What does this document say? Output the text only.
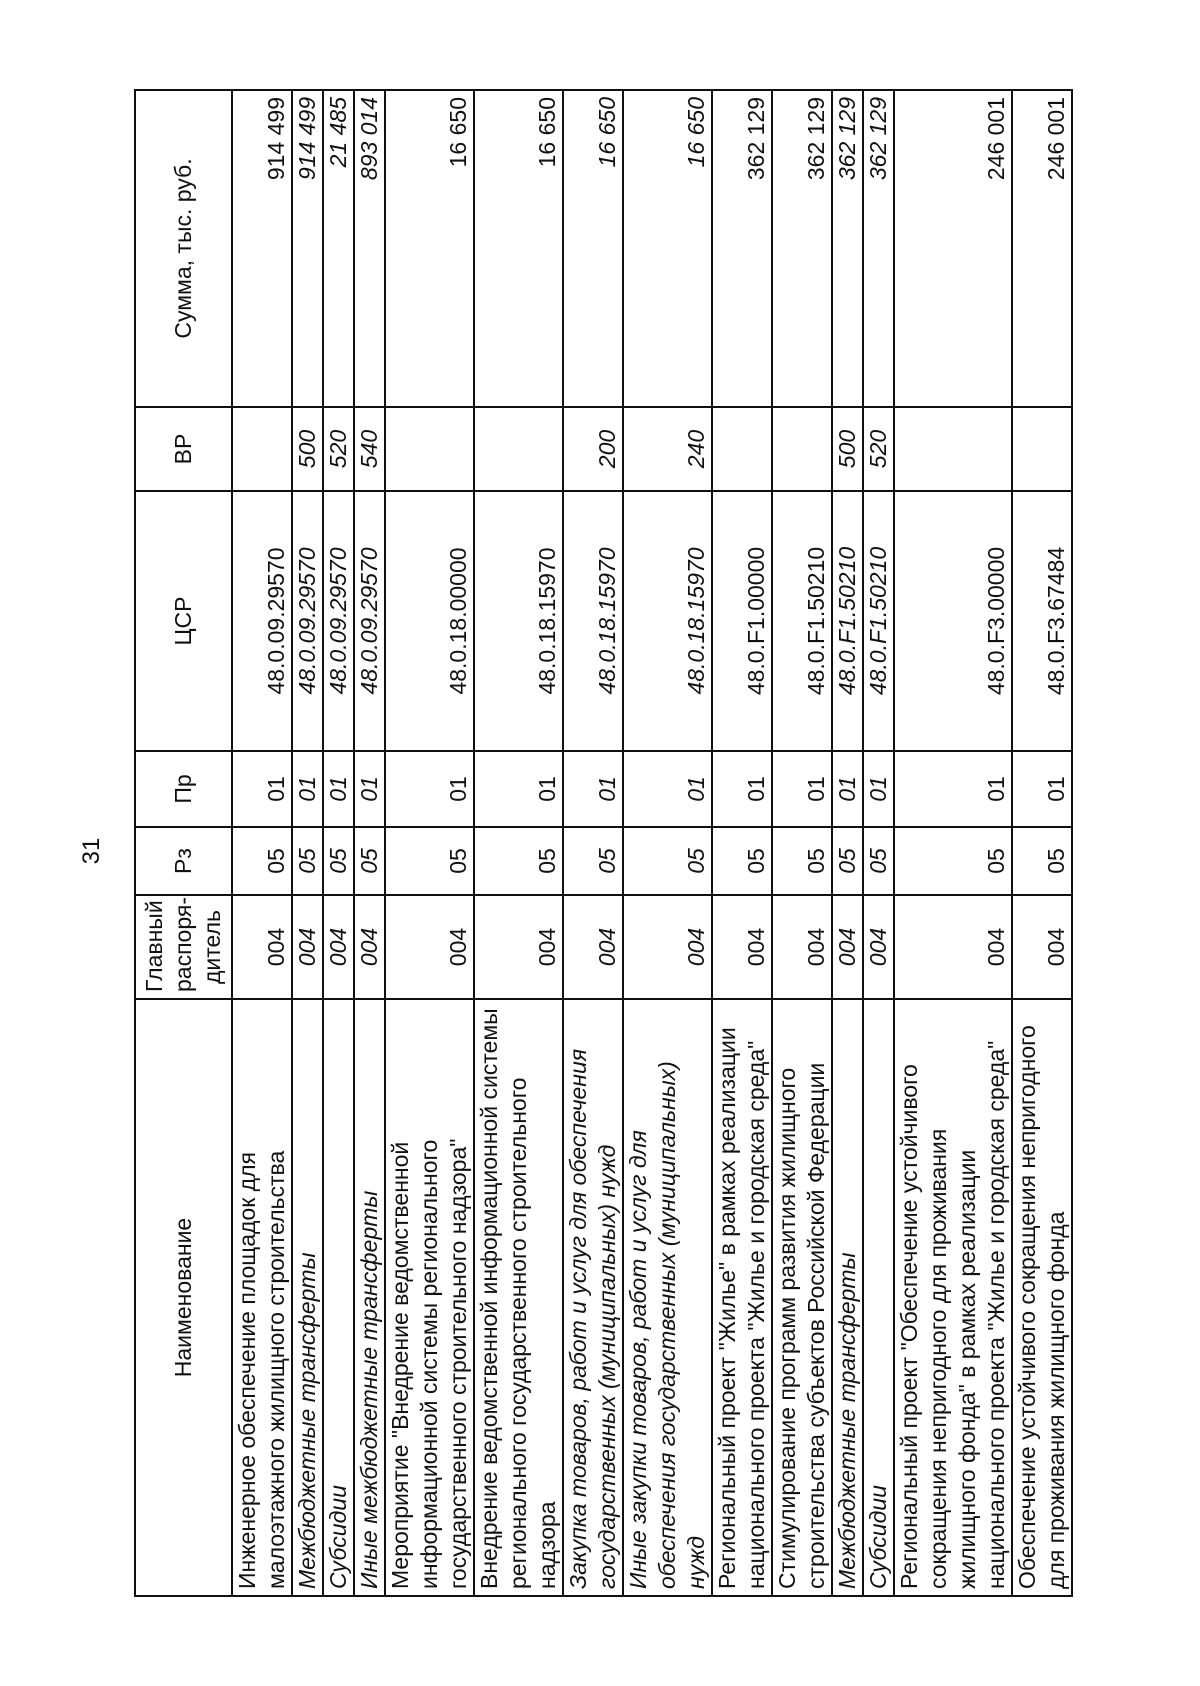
31
Наименование	Главный распоря-дитель	Рз	Пр	ЦСР	ВР	Сумма, тыс. руб.
Инженерное обеспечение площадок для малоэтажного жилищного строительства	004	05	01	48.0.09.29570		914 499
Межбюджетные трансферты	004	05	01	48.0.09.29570	500	914 499
Субсидии	004	05	01	48.0.09.29570	520	21 485
Иные межбюджетные трансферты	004	05	01	48.0.09.29570	540	893 014
Мероприятие "Внедрение ведомственной информационной системы регионального государственного строительного надзора"	004	05	01	48.0.18.00000		16 650
Внедрение ведомственной информационной системы регионального государственного строительного надзора	004	05	01	48.0.18.15970		16 650
Закупка товаров, работ и услуг для обеспечения государственных (муниципальных) нужд	004	05	01	48.0.18.15970	200	16 650
Иные закупки товаров, работ и услуг для обеспечения государственных (муниципальных) нужд	004	05	01	48.0.18.15970	240	16 650
Региональный проект "Жилье" в рамках реализации национального проекта "Жилье и городская среда"	004	05	01	48.0.F1.00000		362 129
Стимулирование программ развития жилищного строительства субъектов Российской Федерации	004	05	01	48.0.F1.50210		362 129
Межбюджетные трансферты	004	05	01	48.0.F1.50210	500	362 129
Субсидии	004	05	01	48.0.F1.50210	520	362 129
Региональный проект "Обеспечение устойчивого сокращения непригодного для проживания жилищного фонда" в рамках реализации национального проекта "Жилье и городская среда"	004	05	01	48.0.F3.00000		246 001
Обеспечение устойчивого сокращения непригодного для проживания жилищного фонда	004	05	01	48.0.F3.67484		246 001
